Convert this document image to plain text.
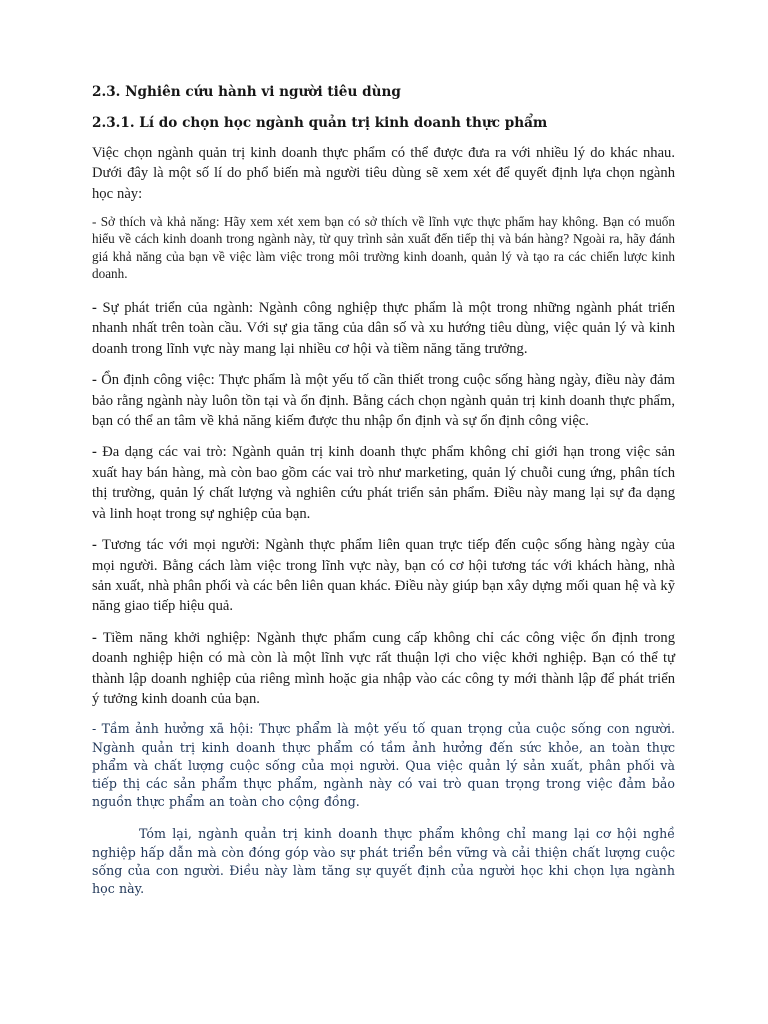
2.3. Nghiên cứu hành vi người tiêu dùng
2.3.1. Lí do chọn học ngành quản trị kinh doanh thực phẩm

Việc chọn ngành quản trị kinh doanh thực phẩm có thể được đưa ra với nhiều lý do khác nhau. Dưới đây là một số lí do phổ biến mà người tiêu dùng sẽ xem xét để quyết định lựa chọn ngành học này:

- Sở thích và khả năng: Hãy xem xét xem bạn có sở thích về lĩnh vực thực phẩm hay không. Bạn có muốn hiểu về cách kinh doanh trong ngành này, từ quy trình sản xuất đến tiếp thị và bán hàng? Ngoài ra, hãy đánh giá khả năng của bạn về việc làm việc trong môi trường kinh doanh, quản lý và tạo ra các chiến lược kinh doanh.

- Sự phát triển của ngành: Ngành công nghiệp thực phẩm là một trong những ngành phát triển nhanh nhất trên toàn cầu. Với sự gia tăng của dân số và xu hướng tiêu dùng, việc quản lý và kinh doanh trong lĩnh vực này mang lại nhiều cơ hội và tiềm năng tăng trưởng.

- Ổn định công việc: Thực phẩm là một yếu tố cần thiết trong cuộc sống hàng ngày, điều này đảm bảo rằng ngành này luôn tồn tại và ổn định. Bằng cách chọn ngành quản trị kinh doanh thực phẩm, bạn có thể an tâm về khả năng kiếm được thu nhập ổn định và sự ổn định công việc.

- Đa dạng các vai trò: Ngành quản trị kinh doanh thực phẩm không chỉ giới hạn trong việc sản xuất hay bán hàng, mà còn bao gồm các vai trò như marketing, quản lý chuỗi cung ứng, phân tích thị trường, quản lý chất lượng và nghiên cứu phát triển sản phẩm. Điều này mang lại sự đa dạng và linh hoạt trong sự nghiệp của bạn.

- Tương tác với mọi người: Ngành thực phẩm liên quan trực tiếp đến cuộc sống hàng ngày của mọi người. Bằng cách làm việc trong lĩnh vực này, bạn có cơ hội tương tác với khách hàng, nhà sản xuất, nhà phân phối và các bên liên quan khác. Điều này giúp bạn xây dựng mối quan hệ và kỹ năng giao tiếp hiệu quả.

- Tiềm năng khởi nghiệp: Ngành thực phẩm cung cấp không chỉ các công việc ổn định trong doanh nghiệp hiện có mà còn là một lĩnh vực rất thuận lợi cho việc khởi nghiệp. Bạn có thể tự thành lập doanh nghiệp của riêng mình hoặc gia nhập vào các công ty mới thành lập để phát triển ý tưởng kinh doanh của bạn.

- Tầm ảnh hưởng xã hội: Thực phẩm là một yếu tố quan trọng của cuộc sống con người. Ngành quản trị kinh doanh thực phẩm có tầm ảnh hưởng đến sức khỏe, an toàn thực phẩm và chất lượng cuộc sống của mọi người. Qua việc quản lý sản xuất, phân phối và tiếp thị các sản phẩm thực phẩm, ngành này có vai trò quan trọng trong việc đảm bảo nguồn thực phẩm an toàn cho cộng đồng.

Tóm lại, ngành quản trị kinh doanh thực phẩm không chỉ mang lại cơ hội nghề nghiệp hấp dẫn mà còn đóng góp vào sự phát triển bền vững và cải thiện chất lượng cuộc sống của con người. Điều này làm tăng sự quyết định của người học khi chọn lựa ngành học này.
